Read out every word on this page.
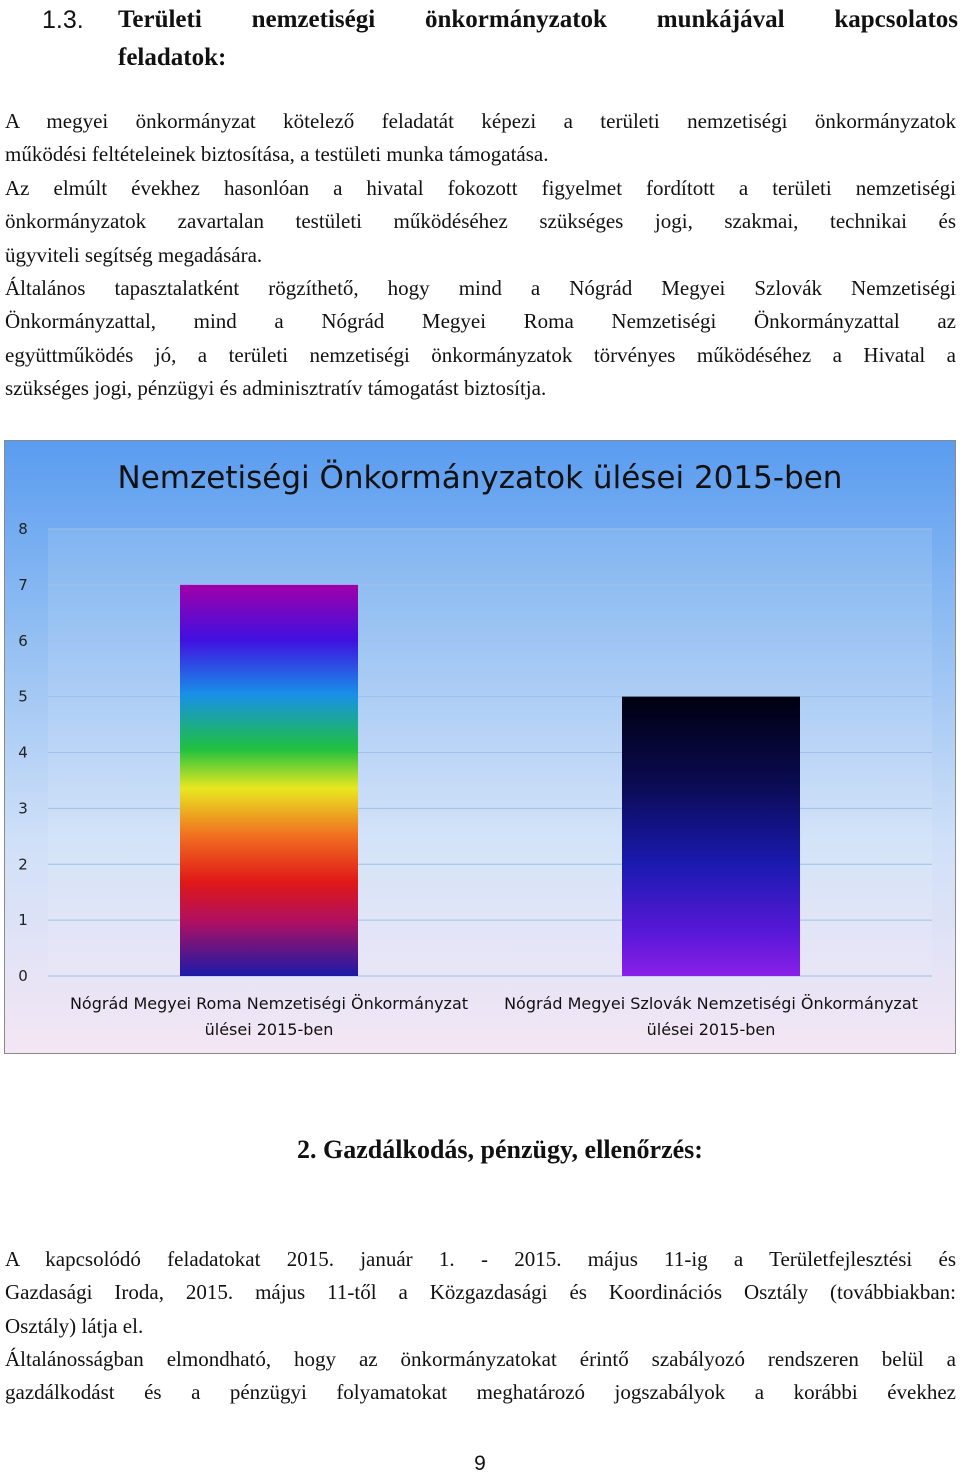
1.3. Területi nemzetiségi önkormányzatok munkájával kapcsolatos
feladatok:
A megyei önkormányzat kötelező feladatát képezi a területi nemzetiségi önkormányzatok
működési feltételeinek biztosítása, a testületi munka támogatása.
Az elmúlt évekhez hasonlóan a hivatal fokozott figyelmet fordított a területi nemzetiségi
önkormányzatok zavartalan testületi működéséhez szükséges jogi, szakmai, technikai és
ügyviteli segítség megadására.
Általános tapasztalatként rögzíthető, hogy mind a Nógrád Megyei Szlovák Nemzetiségi
Önkormányzattal, mind a Nógrád Megyei Roma Nemzetiségi Önkormányzattal az
együttműködés jó, a területi nemzetiségi önkormányzatok törvényes működéséhez a Hivatal a
szükséges jogi, pénzügyi és adminisztratív támogatást biztosítja.
Nemzetiségi Önkormányzatok ülései 2015-ben
0
1
2
3
4
5
6
7
8
Nógrád Megyei Roma Nemzetiségi Önkormányzat
ülései 2015-ben
Nógrád Megyei Szlovák Nemzetiségi Önkormányzat
ülései 2015-ben
2. Gazdálkodás, pénzügy, ellenőrzés:
A kapcsolódó feladatokat 2015. január 1. - 2015. május 11-ig a Területfejlesztési és
Gazdasági Iroda, 2015. május 11-től a Közgazdasági és Koordinációs Osztály (továbbiakban:
Osztály) látja el.
Általánosságban elmondható, hogy az önkormányzatokat érintő szabályozó rendszeren belül a
gazdálkodást és a pénzügyi folyamatokat meghatározó jogszabályok a korábbi évekhez
9
